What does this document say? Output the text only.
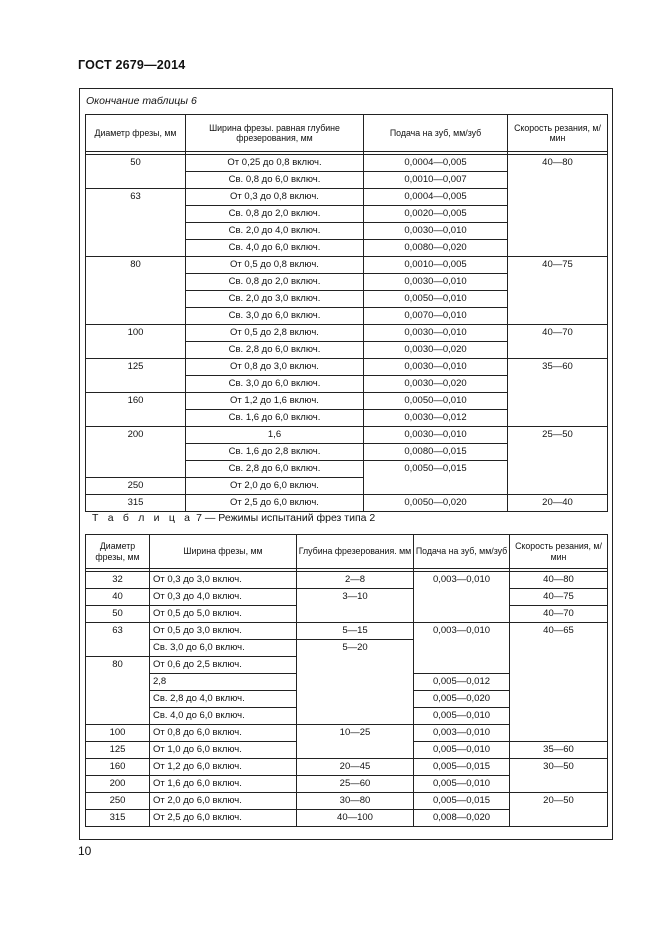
ГОСТ 2679—2014
Окончание таблицы 6
Диаметр фрезы, мм	Ширина фрезы. равная глубине фрезерования, мм	Подача на зуб, мм/зуб	Скорость резания, м/мин

50	От 0,25 до 0,8 включ.	0,0004—0,005	40—80
	Св. 0,8 до 6,0 включ.	0,0010—0,007	
63	От 0,3 до 0,8 включ.	0,0004—0,005	
	Св. 0,8 до 2,0 включ.	0,0020—0,005	
	Св. 2,0 до 4,0 включ.	0,0030—0,010	
	Св. 4,0 до 6,0 включ.	0,0080—0,020	
80	От 0,5 до 0,8 включ.	0,0010—0,005	40—75
	Св. 0,8 до 2,0 включ.	0,0030—0,010	
	Св. 2,0 до 3,0 включ.	0,0050—0,010	
	Св. 3,0 до 6,0 включ.	0,0070—0,010	
100	От 0,5 до 2,8 включ.	0,0030—0,010	40—70
	Св. 2,8 до 6,0 включ.	0,0030—0,020	
125	От 0,8 до 3,0 включ.	0,0030—0,010	35—60
	Св. 3,0 до 6,0 включ.	0,0030—0,020	
160	От 1,2 до 1,6 включ.	0,0050—0,010	
	Св. 1,6 до 6,0 включ.	0,0030—0,012	
200	1,6	0,0030—0,010	25—50
	Св. 1,6 до 2,8 включ.	0,0080—0,015	
	Св. 2,8 до 6,0 включ.	0,0050—0,015	
250	От 2,0 до 6,0 включ.		
315	От 2,5 до 6,0 включ.	0,0050—0,020	20—40
Т а б л и ц а 7 — Режимы испытаний фрез типа 2
Диаметр фрезы, мм	Ширина фрезы, мм	Глубина фрезерования. мм	Подача на зуб, мм/зуб	Скорость резания, м/мин

32	От 0,3 до 3,0 включ.	2—8	0,003—0,010	40—80
40	От 0,3 до 4,0 включ.	3—10		40—75
50	От 0,5 до 5,0 включ.			40—70
63	От 0,5 до 3,0 включ.	5—15	0,003—0,010	40—65
	Св. 3,0 до 6,0 включ.	5—20		
80	От 0,6 до 2,5 включ.			
	2,8		0,005—0,012	
	Св. 2,8 до 4,0 включ.		0,005—0,020	
	Св. 4,0 до 6,0 включ.		0,005—0,010	
100	От 0,8 до 6,0 включ.	10—25	0,003—0,010	
125	От 1,0 до 6,0 включ.		0,005—0,010	35—60
160	От 1,2 до 6,0 включ.	20—45	0,005—0,015	30—50
200	От 1,6 до 6,0 включ.	25—60	0,005—0,010	
250	От 2,0 до 6,0 включ.	30—80	0,005—0,015	20—50
315	От 2,5 до 6,0 включ.	40—100	0,008—0,020	
10
